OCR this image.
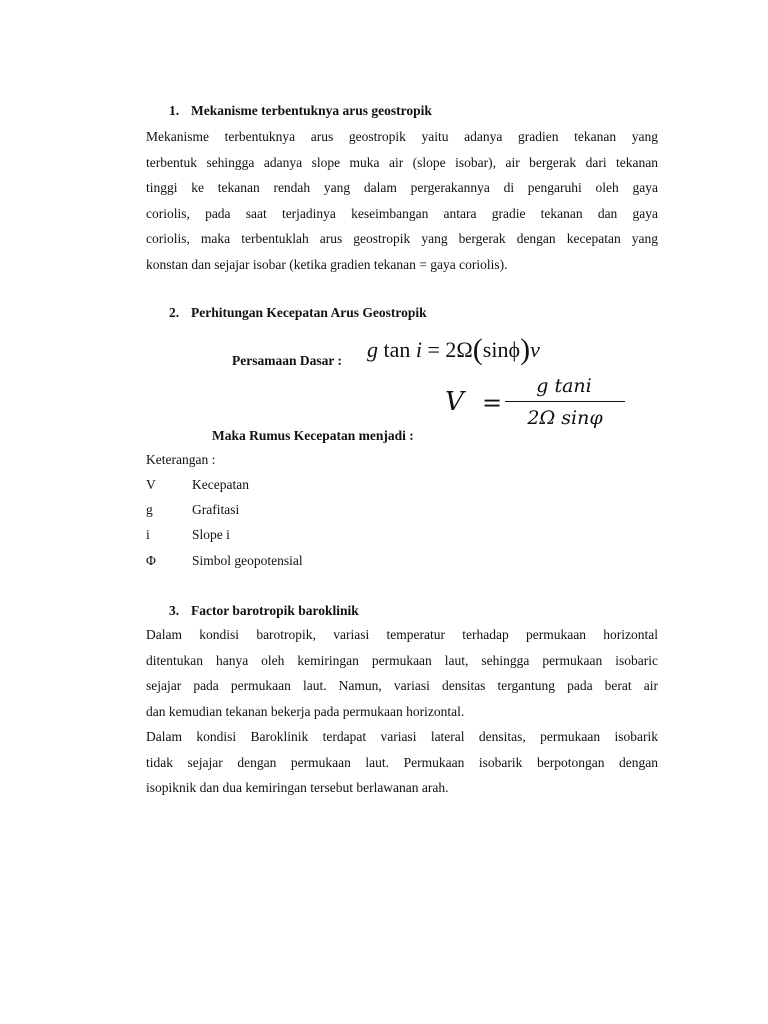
1. Mekanisme terbentuknya arus geostropik
Mekanisme terbentuknya arus geostropik yaitu adanya gradien tekanan yang
terbentuk sehingga adanya slope muka air (slope isobar), air bergerak dari tekanan
tinggi ke tekanan rendah yang dalam pergerakannya di pengaruhi oleh gaya
coriolis, pada saat terjadinya keseimbangan antara gradie tekanan dan gaya
coriolis, maka terbentuklah arus geostropik yang bergerak dengan kecepatan yang
konstan dan sejajar isobar (ketika gradien tekanan = gaya coriolis).
2. Perhitungan Kecepatan Arus Geostropik
Persamaan Dasar : g tan i = 2Ω(sinϕ)v
V =
g tani
2Ω sinφ
Maka Rumus Kecepatan menjadi :
Keterangan :
V	Kecepatan
g	Grafitasi
i	Slope i
Φ	Simbol geopotensial
3. Factor barotropik baroklinik
Dalam kondisi barotropik, variasi temperatur terhadap permukaan horizontal
ditentukan hanya oleh kemiringan permukaan laut, sehingga permukaan isobaric
sejajar pada permukaan laut. Namun, variasi densitas tergantung pada berat air
dan kemudian tekanan bekerja pada permukaan horizontal.
Dalam kondisi Baroklinik terdapat variasi lateral densitas, permukaan isobarik
tidak sejajar dengan permukaan laut. Permukaan isobarik berpotongan dengan
isopiknik dan dua kemiringan tersebut berlawanan arah.
